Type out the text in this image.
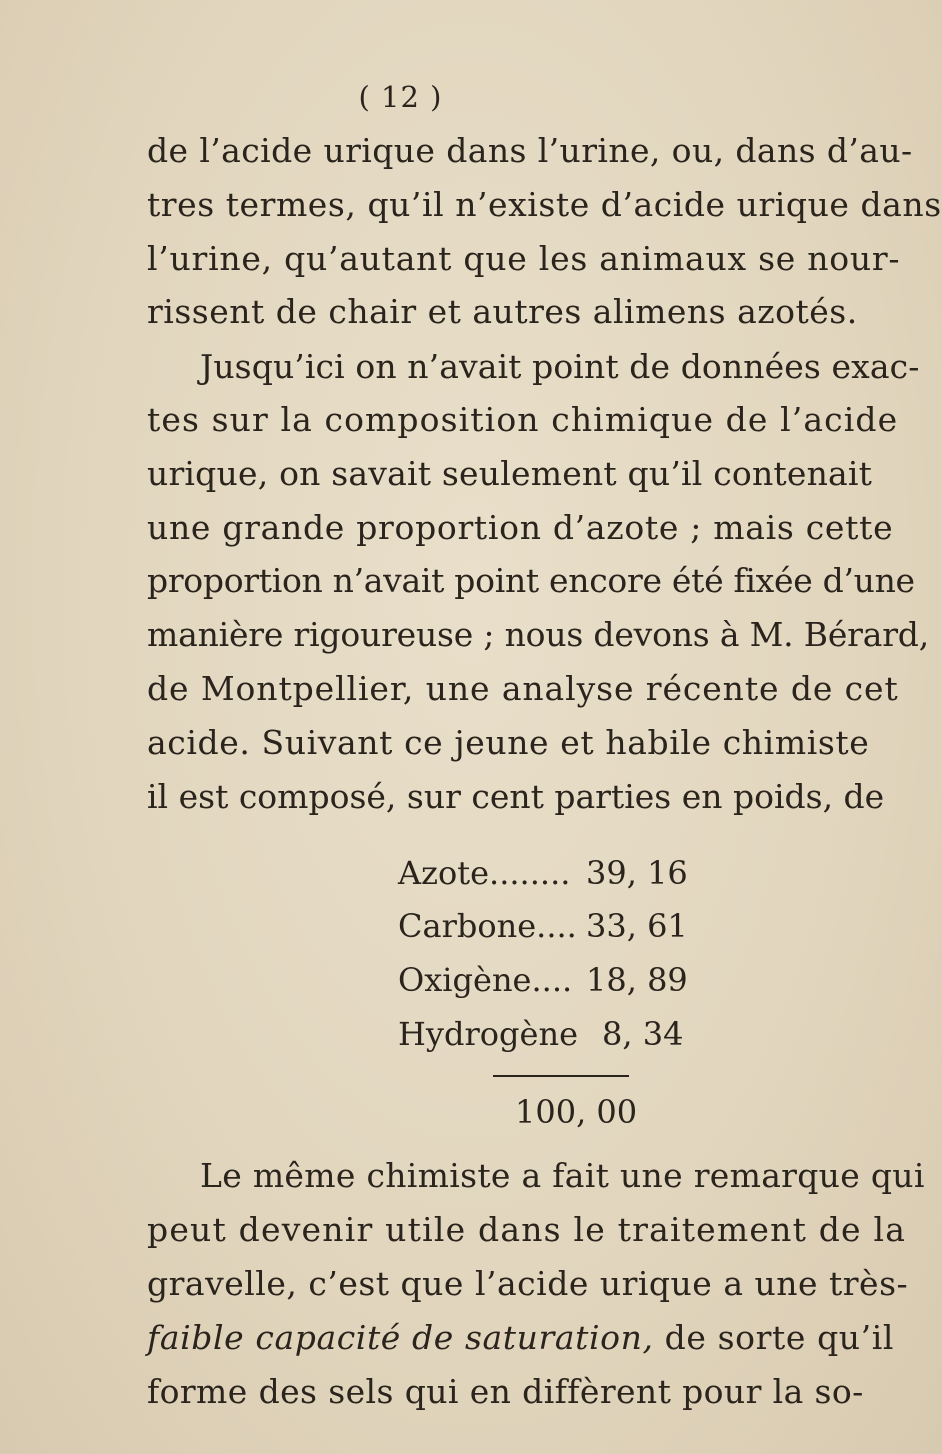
( 12 )
de l’acide urique dans l’urine, ou, dans d’au-
tres termes, qu’il n’existe d’acide urique dans
l’urine, qu’autant que les animaux se nour-
rissent de chair et autres alimens azotés.
Jusqu’ici on n’avait point de données exac-
tes sur la composition chimique de l’acide
urique, on savait seulement qu’il contenait
une grande proportion d’azote ; mais cette
proportion n’avait point encore été fixée d’une
manière rigoureuse ; nous devons à M. Bérard,
de Montpellier, une analyse récente de cet
acide. Suivant ce jeune et habile chimiste
il est composé, sur cent parties en poids, de
Azote........ 39, 16
Carbone.... 33, 61
Oxigène.... 18, 89
Hydrogène 8, 34
100, 00
Le même chimiste a fait une remarque qui
peut devenir utile dans le traitement de la
gravelle, c’est que l’acide urique a une très-
faible capacité de saturation, de sorte qu’il
forme des sels qui en diffèrent pour la so-
